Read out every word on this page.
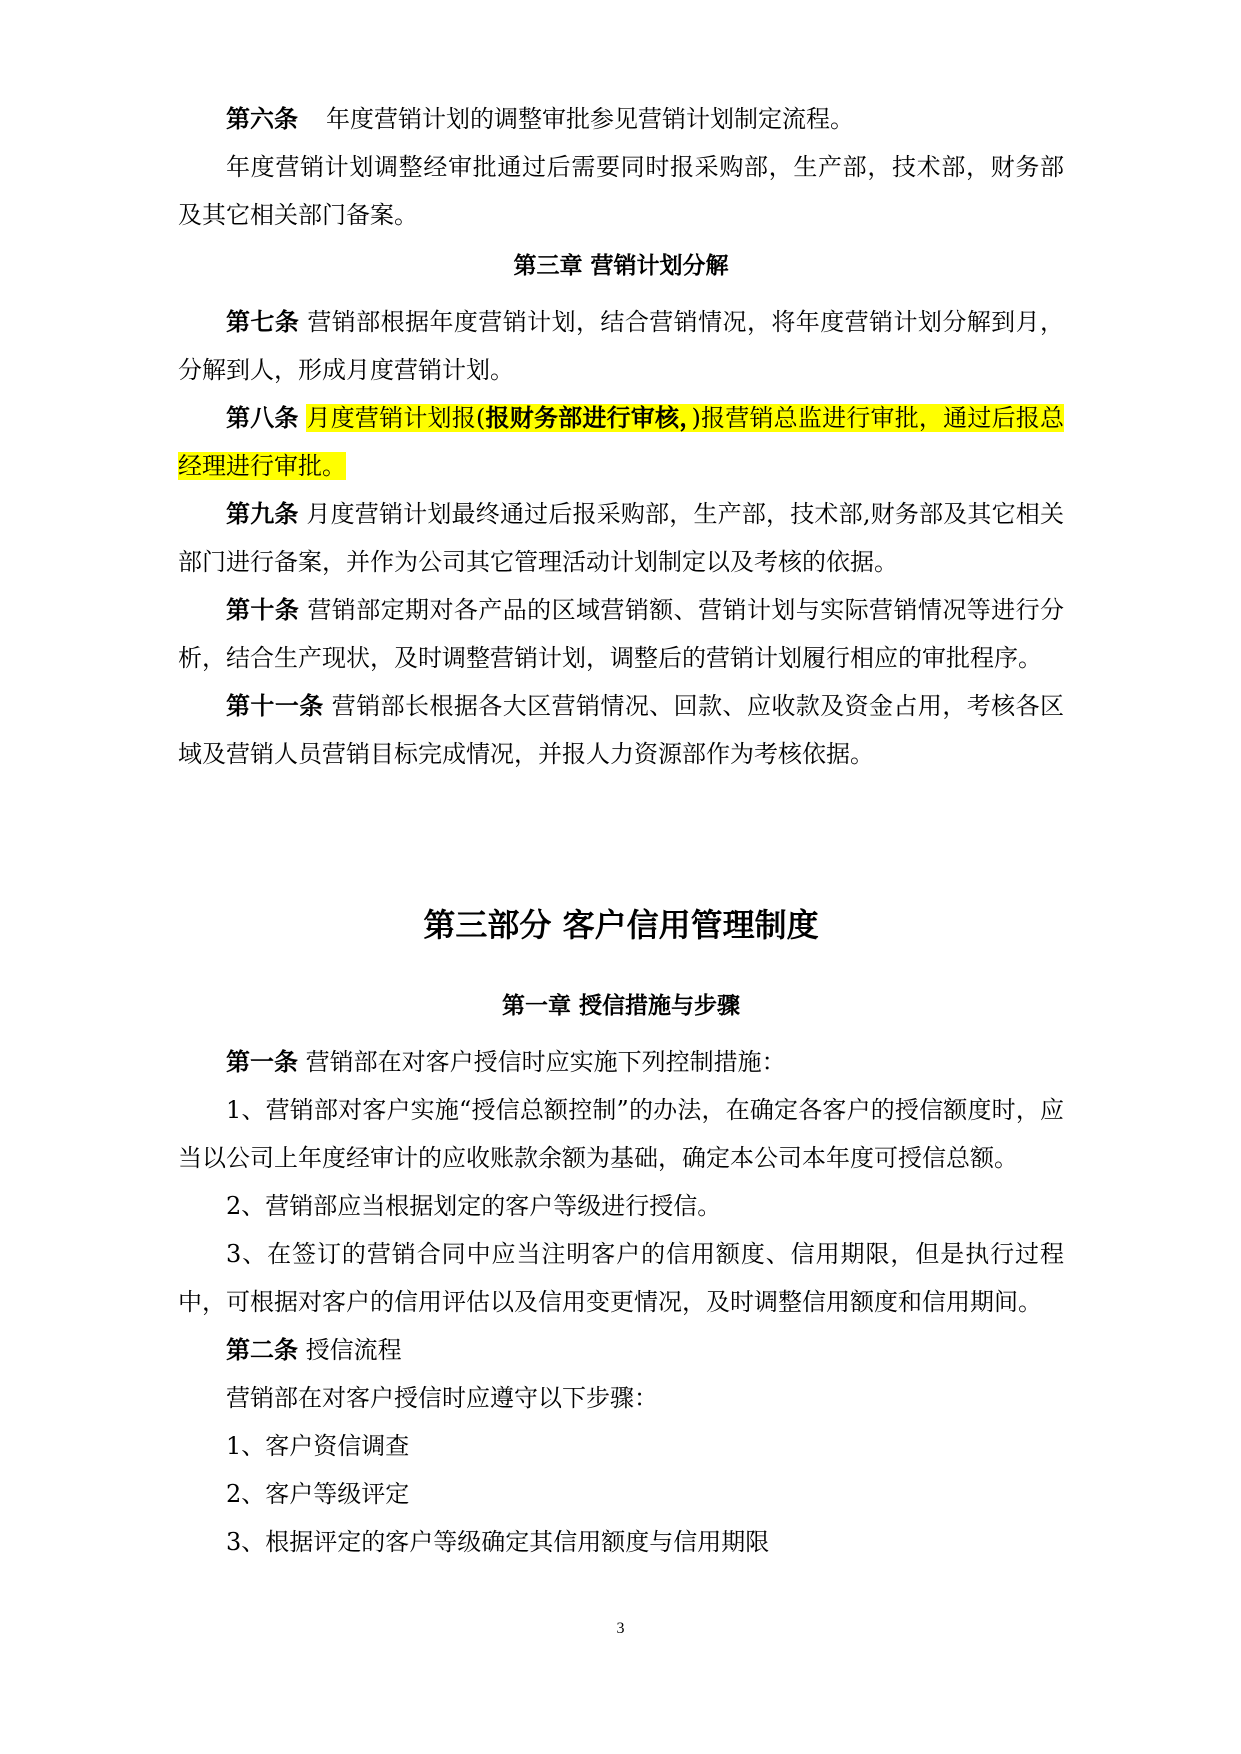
第六条 年度营销计划的调整审批参见营销计划制定流程。

年度营销计划调整经审批通过后需要同时报采购部，生产部，技术部，财务部及其它相关部门备案。

第三章 营销计划分解

第七条 营销部根据年度营销计划，结合营销情况，将年度营销计划分解到月，分解到人，形成月度营销计划。

第八条 月度营销计划报(报财务部进行审核，)报营销总监进行审批，通过后报总经理进行审批。

第九条 月度营销计划最终通过后报采购部，生产部，技术部,财务部及其它相关部门进行备案，并作为公司其它管理活动计划制定以及考核的依据。

第十条 营销部定期对各产品的区域营销额、营销计划与实际营销情况等进行分析，结合生产现状，及时调整营销计划，调整后的营销计划履行相应的审批程序。

第十一条 营销部长根据各大区营销情况、回款、应收款及资金占用，考核各区域及营销人员营销目标完成情况，并报人力资源部作为考核依据。

第三部分 客户信用管理制度
第一章 授信措施与步骤

第一条 营销部在对客户授信时应实施下列控制措施：

1、营销部对客户实施“授信总额控制”的办法，在确定各客户的授信额度时，应当以公司上年度经审计的应收账款余额为基础，确定本公司本年度可授信总额。

2、营销部应当根据划定的客户等级进行授信。

3、在签订的营销合同中应当注明客户的信用额度、信用期限，但是执行过程中，可根据对客户的信用评估以及信用变更情况，及时调整信用额度和信用期间。

第二条 授信流程

营销部在对客户授信时应遵守以下步骤：

1、客户资信调查

2、客户等级评定

3、根据评定的客户等级确定其信用额度与信用期限

3
